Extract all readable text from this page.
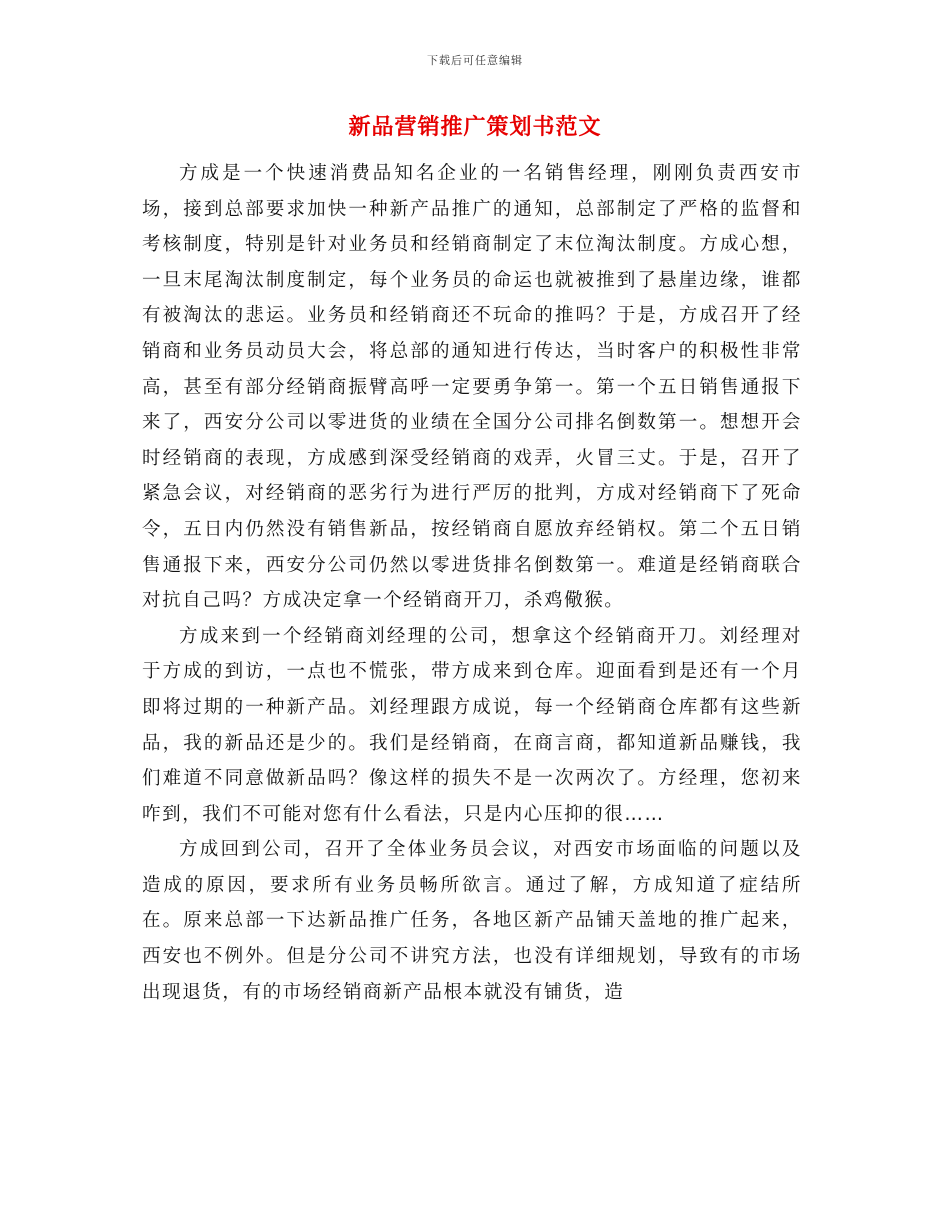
下载后可任意编辑
新品营销推广策划书范文

方成是一个快速消费品知名企业的一名销售经理，刚刚负责西安市场，接到总部要求加快一种新产品推广的通知，总部制定了严格的监督和考核制度，特别是针对业务员和经销商制定了末位淘汰制度。方成心想，一旦末尾淘汰制度制定，每个业务员的命运也就被推到了悬崖边缘，谁都有被淘汰的悲运。业务员和经销商还不玩命的推吗？于是，方成召开了经销商和业务员动员大会，将总部的通知进行传达，当时客户的积极性非常高，甚至有部分经销商振臂高呼一定要勇争第一。第一个五日销售通报下来了，西安分公司以零进货的业绩在全国分公司排名倒数第一。想想开会时经销商的表现，方成感到深受经销商的戏弄，火冒三丈。于是，召开了紧急会议，对经销商的恶劣行为进行严厉的批判，方成对经销商下了死命令，五日内仍然没有销售新品，按经销商自愿放弃经销权。第二个五日销售通报下来，西安分公司仍然以零进货排名倒数第一。难道是经销商联合对抗自己吗？方成决定拿一个经销商开刀，杀鸡儆猴。

方成来到一个经销商刘经理的公司，想拿这个经销商开刀。刘经理对于方成的到访，一点也不慌张，带方成来到仓库。迎面看到是还有一个月即将过期的一种新产品。刘经理跟方成说，每一个经销商仓库都有这些新品，我的新品还是少的。我们是经销商，在商言商，都知道新品赚钱，我们难道不同意做新品吗？像这样的损失不是一次两次了。方经理，您初来咋到，我们不可能对您有什么看法，只是内心压抑的很……

方成回到公司，召开了全体业务员会议，对西安市场面临的问题以及造成的原因，要求所有业务员畅所欲言。通过了解，方成知道了症结所在。原来总部一下达新品推广任务，各地区新产品铺天盖地的推广起来，西安也不例外。但是分公司不讲究方法，也没有详细规划，导致有的市场出现退货，有的市场经销商新产品根本就没有铺货，造
